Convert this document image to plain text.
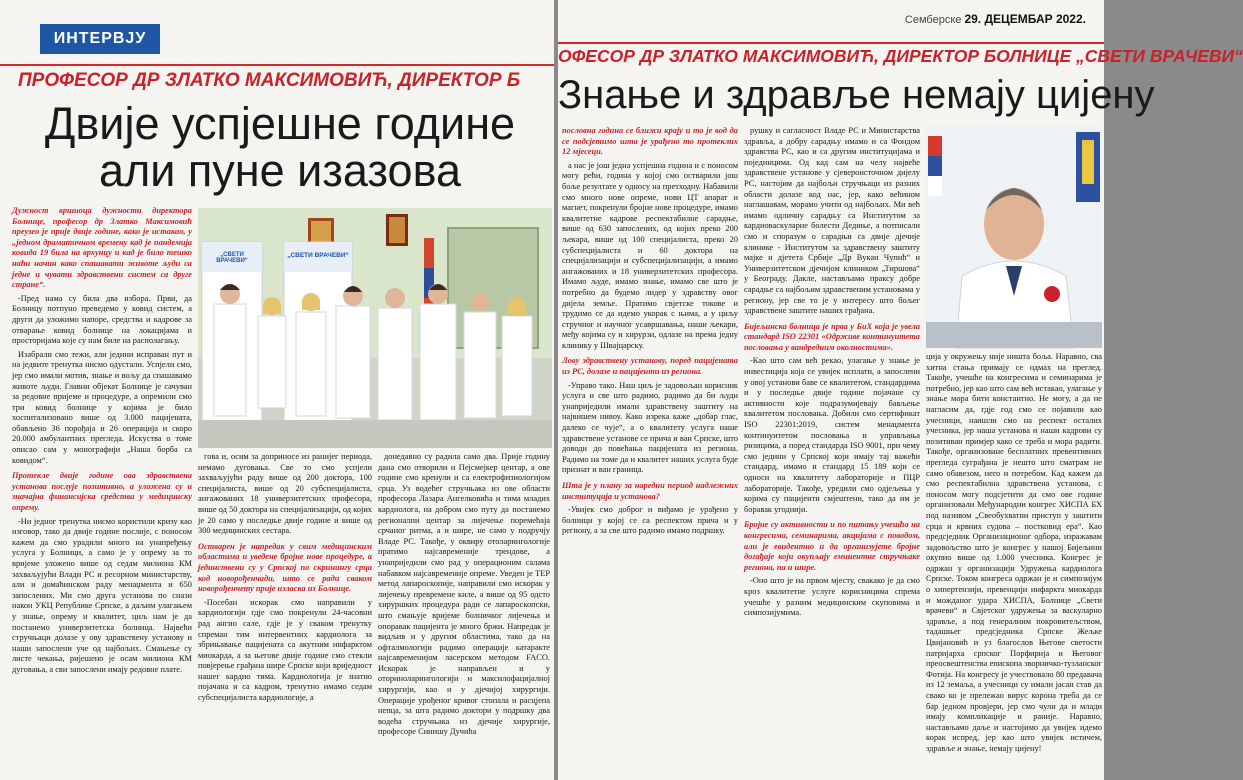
ИНТЕРВЈУ
ПРОФЕСОР ДР ЗЛАТКО МАКСИМОВИЋ, ДИРЕКТОР Б
Двије успјешне године
али пуне изазова

Дужност вршиоца дужности директора Болнице, професор др Златко Максимовић преузео је прије двије године, како је истакао, у „једном драматичном времену кад је пандемија ковида 19 била на врхунцу и кад је било тешко наћи начин како спашавати животе људи са једне и чувати здравствени систем са друге стране“.

-Пред нама су била два избора. Први, да Болницу потпуно преведемо у ковид систем, а други да уложимо напоре, средства и кадрове за отварање ковид болнице на локацијама и просторијама које су нам биле на располагању.

Изабрали смо тежи, али једини исправан пут и на једвите тренутка нисмо одустали. Успјели смо, јер смо имали мотив, знање и вољу да спашавамо животе људи. Главни објекат Болнице је сачуван за редовне пријеме и процедуре, а опремили смо три ковид болнице у којима је било хоспитализовано више од 3.000 пацијената, обављено 36 порођаја и 26 операција и скоро 20.000 амбулантних прегледа. Искуства о томе описао сам у монографији „Наша борба са ковидом“.

Протекле двије године ова здравствена установа послује позитивно, а уложена су и значајна финансијска средства у медицинску опрему.

-Ни једног тренутка нисмо користили кризу као изговор, тако да двије године послије, с поносом кажем да смо урадили много на унапређењу услуга у Болници, а само је у опрему за то вријеме уложено више од седам милиона КМ захваљујући Влади РС и ресорном министарству, али и домаћинском раду менаџмента и 650 запослених. Ми смо друга установа по снази након УКЦ Републике Српске, а даљим улагањем у знање, опрему и квалитет, циљ нам је да постанемо универзитетска болница. Највећи стручњаци долазе у ову здравствену установу и наши запослени уче од најбољих. Смањење су листе чекања, ријешено је осам милиона КМ дуговања, а сви запослени имају редовне плате.

„СВЕТИ ВРАЧЕВИ“
„СВЕТИ ВРАЧЕВИ“

гова и, осим за доприносе из ранијег периода, немамо дуговања. Све то смо успјели захваљујући раду више од 200 доктора, 100 специјалиста, више од 20 субспецијалиста, ангажованих 18 универзитетских професора, више од 50 доктора на специјализацији, од којих је 20 само у последње двије године и више од 300 медицинских сестара.

Остварен је напредак у свим медицинским областима и уведене бројне нове процедуре, а јединствени су у Српској по скринингу срца код новорођенчади, што се ради сваком новорођенчету прије изласка из Болнице.

-Посебан искорак смо направили у кардиологији гдје смо покренули 24-часовни рад ангио сале, гдје је у сваком тренутку спреман тим интервентних кардиолога за збрињавање пацијената са акутним инфарктом миокарда, а за његове двије године смо стекли повјерење грађана шире Српске који вриједност нашег кардио тима. Кардиологија је знатно појачана и са кадром, тренутно имамо седам субспецијалиста кардиологије, а

донедавно су радила само два. Прије годину дана смо отворили и Пејсмејкер центар, а ове године смо кренули и са електрофизиологијом срца. Уз водећег стручњака из ове области професора Лазара Ангелковића и тима младих кардиолога, на добром смо путу да постанемо регионални центар за лијечење поремећаја срчаног ритма, а и шире, не само у подручју Владе РС. Такође, у оквиру отоларингологије пратимо најсавременије трендове, а унаприједили смо рад у операционим салама набавком најсавременије опреме. Уведен је ТЕР метод лапароскопије, направили смо искорак у лијечењу превремене киле, а више од 95 одсто хируршких процедура ради се лапароскопски, што смањује вријеме болничког лијечења и опоравак пацијента је много бржи. Напредак је видљив и у другим областима, тако да на офталмологији радимо операције катаракте најсавременијом ласерском методом FACO. Искорак је направљен и у оториноларингологији и максилофацијалној хирургији, као и у дјечијој хирургији. Операције урођеног кривог стопала и расцјепа непца, за шта радимо доктори у подршку два водећа стручњака из дјечије хирургије, професоре Синишу Дучића

Семберске 29. ДЕЦЕМБАР 2022.
ОФЕСОР ДР ЗЛАТКО МАКСИМОВИЋ, ДИРЕКТОР БОЛНИЦЕ „СВЕТИ ВРАЧЕВИ“
Знање и здравље немају цијену

пословна година се ближи крају и то је вод да се подсјетимо шта је урађено то протеклих 12 мјесеци.

а нас је још једна успјешна година и с поносом могу рећи, година у којој смо остварили још боље резултате у односу на претходну. Набавили смо много нове опреме, нови ЦТ апарат и магнет, покренули бројне нове процедуре, имамо квалитетне кадрове респектабилне сарадње, више од 630 запослених, од којих преко 200 љекара, више од 100 специјалиста, преко 20 субспецијалиста и 60 доктора на специјализацији и субспецијализацији, а имамо ангажованих и 18 универзитетских професора. Имамо људе, имамо знање, имамо све што је потребно да будемо лидер у здравству овог дијела земље. Пратимо свјетске токове и трудимо се да идемо укорак с њима, а у циљу стручног и научног усавршавања, наши љекари, међу којима су и хирурзи, одлазе на према једну клинику у Швајцарску.

Лову здравствену установу, поред пацијената из РС, долазе и пацијенти из региона.

-Управо тако. Наш циљ је задовољан корисник услуга и све што радимо, радимо да би људи унаприједили имали здравствену заштиту на највишем нивоу. Како изрека каже „добар глас, далеко се чује“, а о квалитету услуга наше здравствене установе се прича и ван Српске, што доводи до повећања пацијената из региона. Радимо на томе да и квалитет наших услуга буде признат и ван граница.

Шта је у плану за наредни период надлежних институција и установа?

-Увијек смо доброг и виђамо је урађено у болници у којој се са респектом прича и у региону, а за све што радимо имамо подршку.

рушку и сагласност Владе РС и Министарства здравља, а добру сарадњу имамо и са Фондом здравства РС, као и са другим институцијама и појединцима. Од кад сам на челу највеће здравствене установе у сјевероисточном дијелу РС, настојим да најбољи стручњаци из разних области долазе код нас, јер, како већином наглашавам, морамо учити од најбољих. Ми већ имамо одличну сарадњу са Институтом за кардиоваскуларне болести Дедиње, а потписали смо и споразум о сарадњи са двије дјечије клинике - Институтом за здравствену заштиту мајке и дјетета Србије „Др Вукан Чупић“ и Универзитетском дјечијом клиником „Тиршова“ у Београду. Дакле, настављамо праксу добре сарадње са најбољим здравственим установама у региону, јер све то је у интересу што бољег здравствене заштите наших грађана.

Бијељинска болница је прва у БиХ која је увела стандард ISO 22301 «Одрживе континуитета пословања у вандредним околностима».

-Као што сам већ рекао, улагање у знање је инвестиција која се увијек исплати, а запослени у овој установи баве се квалитетом, стандардима и у последње двије године појачане су активности које подразумијевају бављење квалитетом пословања. Добили смо сертификат ISO 22301:2019, систем менаџмента континуитетом пословања и управљања ризицима, а поред стандарда ISO 9001, при чему смо једини у Српској који имају тај важећи стандард, имамо и стандард 15 189 који се односи на квалитету лабораторије и ПЦР лабораторије. Такође, уредили смо одјељења у којима су пацијенти смјештени, тако да им је боравак угоднији.

Бројне су активности и по питању учешћа на конгресима, семинарима, акцијама с поводом, али је евидентно и да организујете бројне догађаје који окупљају еминентне стручњаке региона, па и шире.

-Оно што је на првом мјесту, свакако је да смо кроз квалитетне услуге корисницима спрема учешће у разним медицинским скуповима и симпозијумима.

ција у окружењу није ништа боља. Наравно, сва хитна стања примају се одмах на преглед. Такође, учешће на конгресима и семинарима је потребно, јер као што сам већ истакао, улагање у знање мора бити константно. Не могу, а да не нагласим да, гдје год смо се појавили као учесници, наишли смо на респект осталих учесника, јер наша установа и наши кадрови су позитиван примјер како се треба и мора радити. Такође, организоване бесплатних превентивних прегледа суграђана је нешто што сматрам не само обавезом, него и потребом. Кад кажем да смо респектабилна здравствена установа, с поносом могу подсјетити да смо ове године организовали Међународни конгрес ХИСПА БХ под називом „Свеобухватни приступ у заштити срца и крвних судова – постковид ера“. Као предсједник Организационог одбора, изражавам задовољство што је конгрес у нашој Бијељини окупио више од 1.000 учесника. Конгрес је одржан у организацији Удружења кардиолога Српске. Током конгреса одржан је и симпозијум о хипертензији, превенцији инфаркта миокарда и можданог удара ХИСПА, Болнице „Свети врачеви“ и Свјетског удружења за васкуларно здравље, а под генералним покровитељством, тадашњег предсједника Српске Жељке Цвијановић и уз благослов Његове светости патријарха српског Порфирија и Његовог преосвештенства епископа зворничко-тузланског Фотија. На конгресу је учествовало 80 предавача из 12 земаља, а учесници су имали јасан став да свако ко је прележао вирус корона треба да се бар једном провјери, јер смо чули да и млади имају компликације и раније. Наравно, настављамо даље и настојимо да увијек идемо корак испред, јер као што увијек истичем, здравље и знање, немају цијену!
